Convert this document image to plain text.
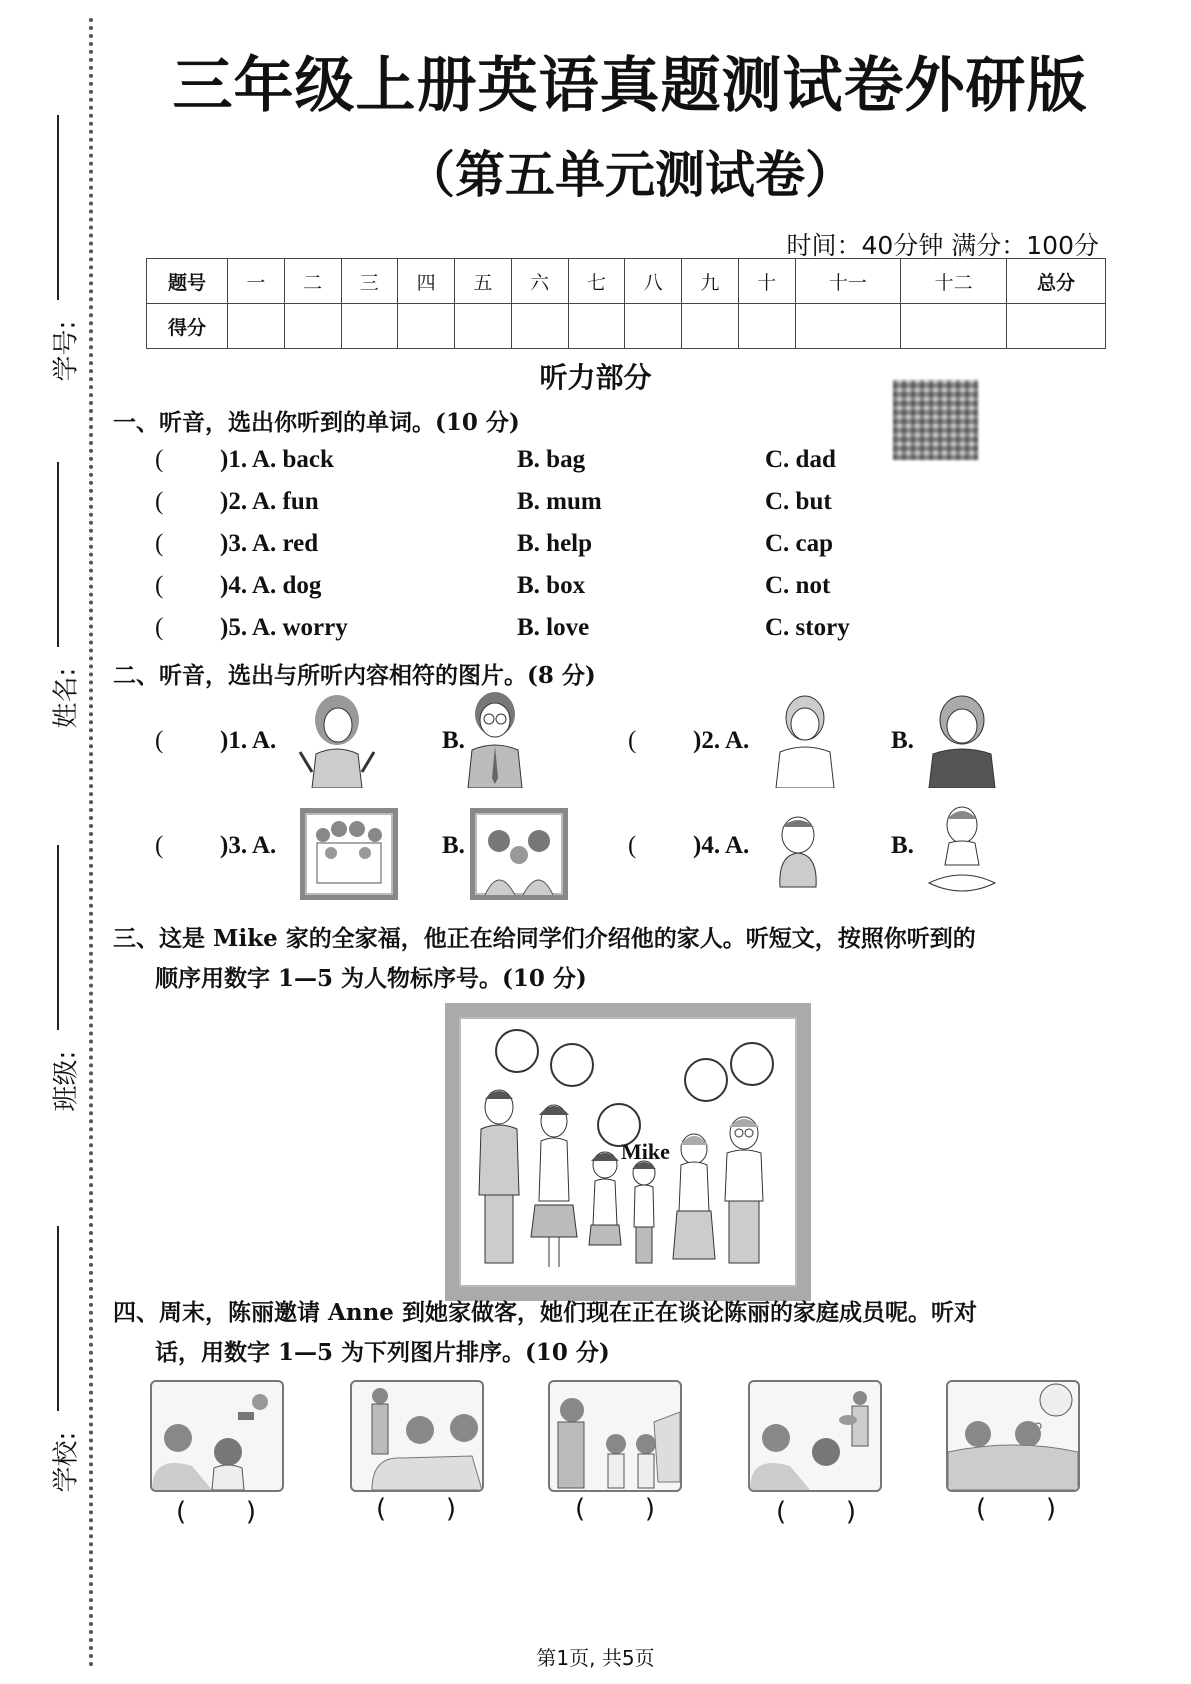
学号:
姓名:
班级:
学校:
三年级上册英语真题测试卷外研版
（第五单元测试卷）
时间：40分钟 满分：100分
题号	一	二	三	四	五	六	七	八	九	十	十一	十二	总分
得分													
听力部分
一、听音，选出你听到的单词。(10 分)
( )1. A. back	B. bag	C. dad
( )2. A. fun	B. mum	C. but
( )3. A. red	B. help	C. cap
( )4. A. dog	B. box	C. not
( )5. A. worry	B. love	C. story
二、听音，选出与所听内容相符的图片。(8 分)
( )1. A.	B.	( )2. A.	B.
( )3. A.	B.	( )4. A.	B.
三、这是 Mike 家的全家福，他正在给同学们介绍他的家人。听短文，按照你听到的
顺序用数字 1—5 为人物标序号。(10 分)
Mike
四、周末，陈丽邀请 Anne 到她家做客，她们现在正在谈论陈丽的家庭成员呢。听对
话，用数字 1—5 为下列图片排序。(10 分)
( )	( )	( )	( )	( )
第1页, 共5页
